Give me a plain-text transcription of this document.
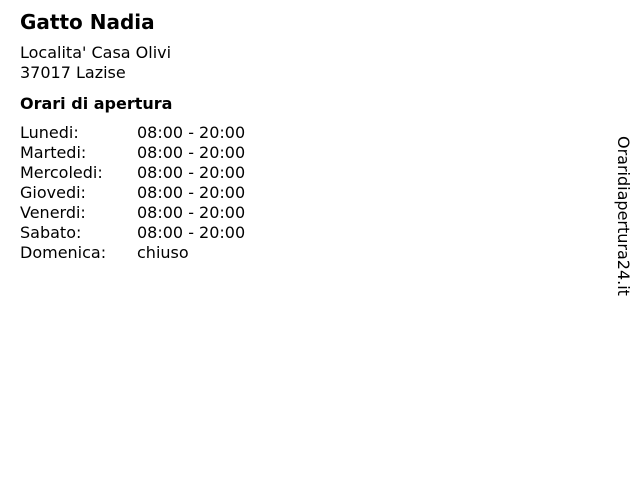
Gatto Nadia
Localita' Casa Olivi
37017 Lazise
Orari di apertura
Lunedi:	08:00 - 20:00
Martedi:	08:00 - 20:00
Mercoledi:	08:00 - 20:00
Giovedi:	08:00 - 20:00
Venerdi:	08:00 - 20:00
Sabato:	08:00 - 20:00
Domenica:	chiuso	Oraridiapertura24.it
